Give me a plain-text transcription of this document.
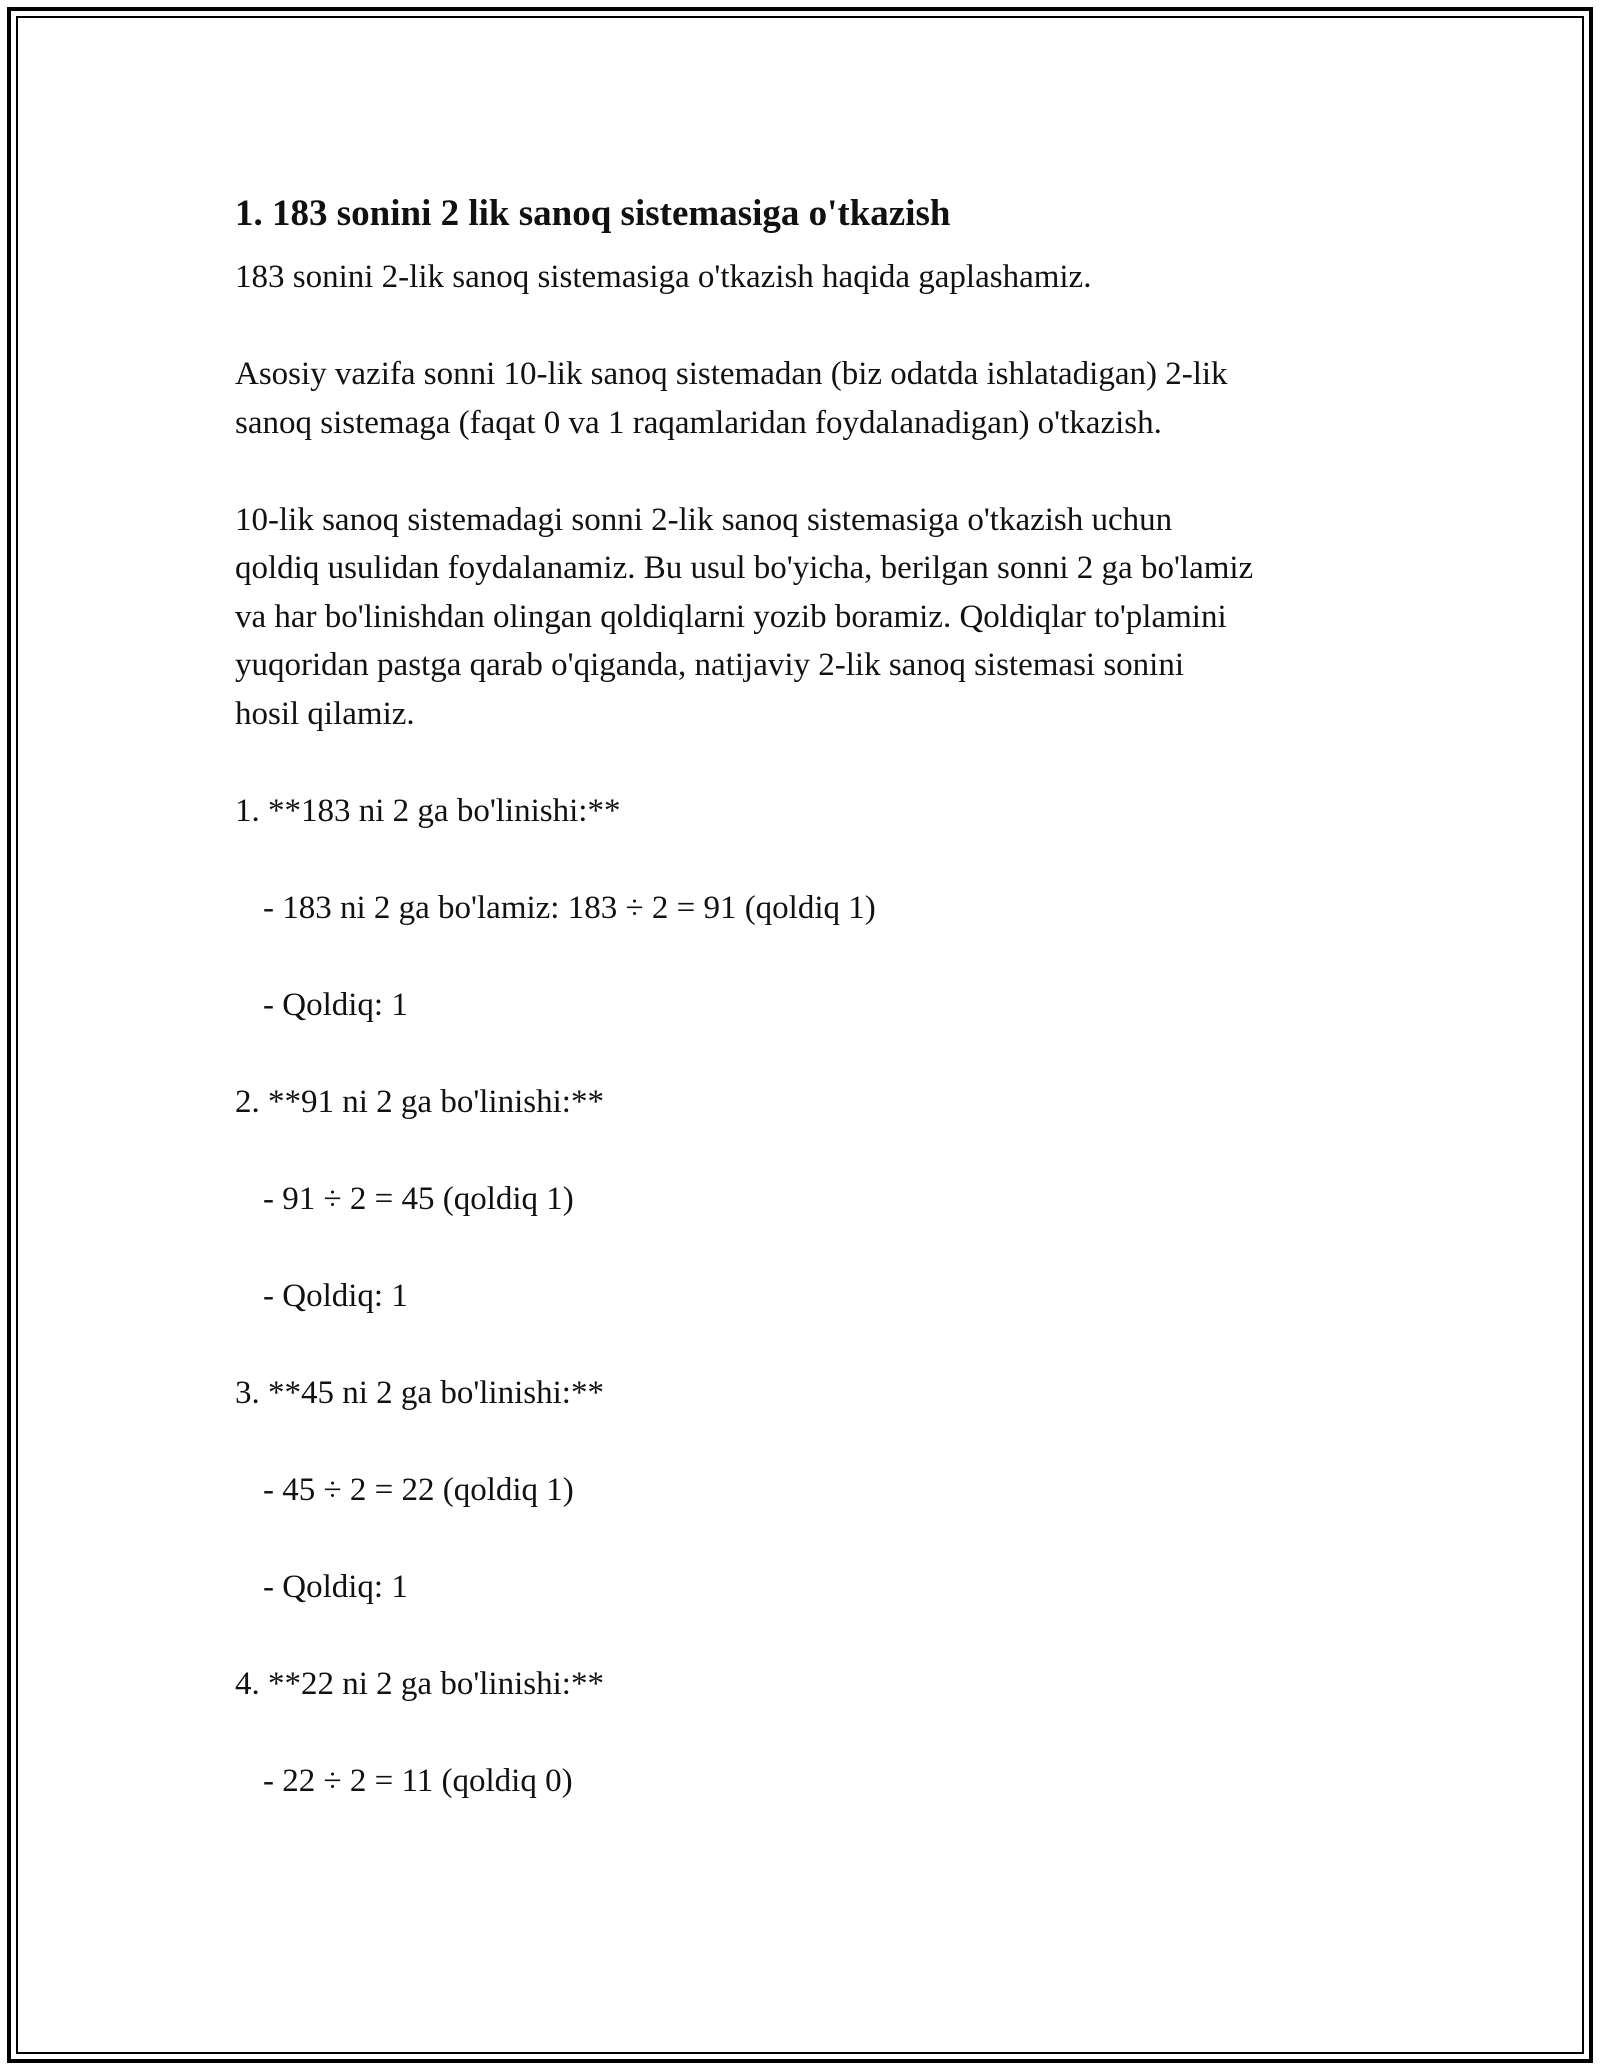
1. 183 sonini 2 lik sanoq sistemasiga o'tkazish

183 sonini 2-lik sanoq sistemasiga o'tkazish haqida gaplashamiz.

Asosiy vazifa sonni 10-lik sanoq sistemadan (biz odatda ishlatadigan) 2-lik

sanoq sistemaga (faqat 0 va 1 raqamlaridan foydalanadigan) o'tkazish.

10-lik sanoq sistemadagi sonni 2-lik sanoq sistemasiga o'tkazish uchun

qoldiq usulidan foydalanamiz. Bu usul bo'yicha, berilgan sonni 2 ga bo'lamiz

va har bo'linishdan olingan qoldiqlarni yozib boramiz. Qoldiqlar to'plamini

yuqoridan pastga qarab o'qiganda, natijaviy 2-lik sanoq sistemasi sonini

hosil qilamiz.

1. **183 ni 2 ga bo'linishi:**

- 183 ni 2 ga bo'lamiz: 183 ÷ 2 = 91 (qoldiq 1)

- Qoldiq: 1

2. **91 ni 2 ga bo'linishi:**

- 91 ÷ 2 = 45 (qoldiq 1)

- Qoldiq: 1

3. **45 ni 2 ga bo'linishi:**

- 45 ÷ 2 = 22 (qoldiq 1)

- Qoldiq: 1

4. **22 ni 2 ga bo'linishi:**

- 22 ÷ 2 = 11 (qoldiq 0)
